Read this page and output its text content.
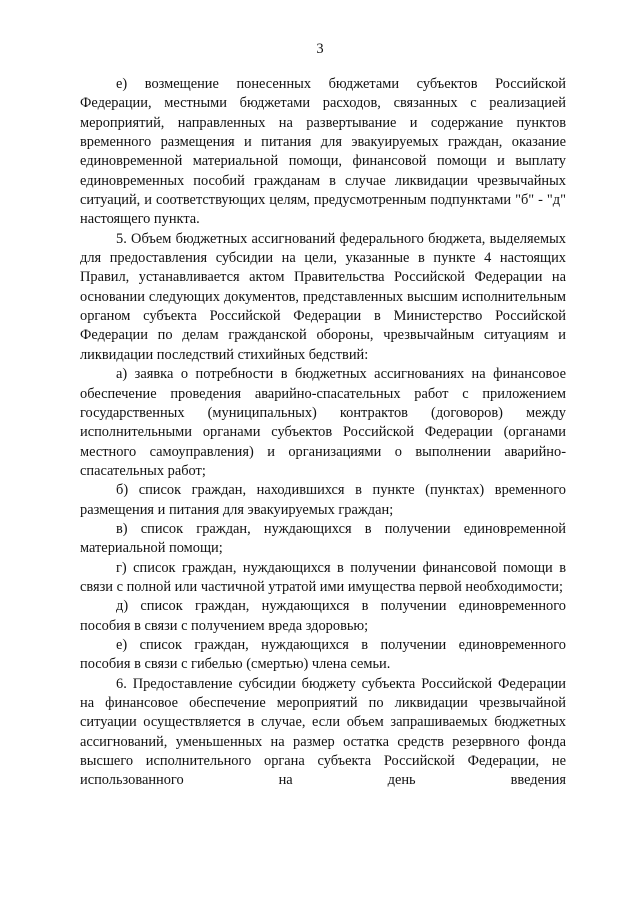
3

е) возмещение понесенных бюджетами субъектов Российской Федерации, местными бюджетами расходов, связанных с реализацией мероприятий, направленных на развертывание и содержание пунктов временного размещения и питания для эвакуируемых граждан, оказание единовременной материальной помощи, финансовой помощи и выплату единовременных пособий гражданам в случае ликвидации чрезвычайных ситуаций, и соответствующих целям, предусмотренным подпунктами "б" - "д" настоящего пункта.

5. Объем бюджетных ассигнований федерального бюджета, выделяемых для предоставления субсидии на цели, указанные в пункте 4 настоящих Правил, устанавливается актом Правительства Российской Федерации на основании следующих документов, представленных высшим исполнительным органом субъекта Российской Федерации в Министерство Российской Федерации по делам гражданской обороны, чрезвычайным ситуациям и ликвидации последствий стихийных бедствий:

а) заявка о потребности в бюджетных ассигнованиях на финансовое обеспечение проведения аварийно-спасательных работ с приложением государственных (муниципальных) контрактов (договоров) между исполнительными органами субъектов Российской Федерации (органами местного самоуправления) и организациями о выполнении аварийно-спасательных работ;

б) список граждан, находившихся в пункте (пунктах) временного размещения и питания для эвакуируемых граждан;

в) список граждан, нуждающихся в получении единовременной материальной помощи;

г) список граждан, нуждающихся в получении финансовой помощи в связи с полной или частичной утратой ими имущества первой необходимости;

д) список граждан, нуждающихся в получении единовременного пособия в связи с получением вреда здоровью;

е) список граждан, нуждающихся в получении единовременного пособия в связи с гибелью (смертью) члена семьи.

6. Предоставление субсидии бюджету субъекта Российской Федерации на финансовое обеспечение мероприятий по ликвидации чрезвычайной ситуации осуществляется в случае, если объем запрашиваемых бюджетных ассигнований, уменьшенных на размер остатка средств резервного фонда высшего исполнительного органа субъекта Российской Федерации, не использованного на день введения
